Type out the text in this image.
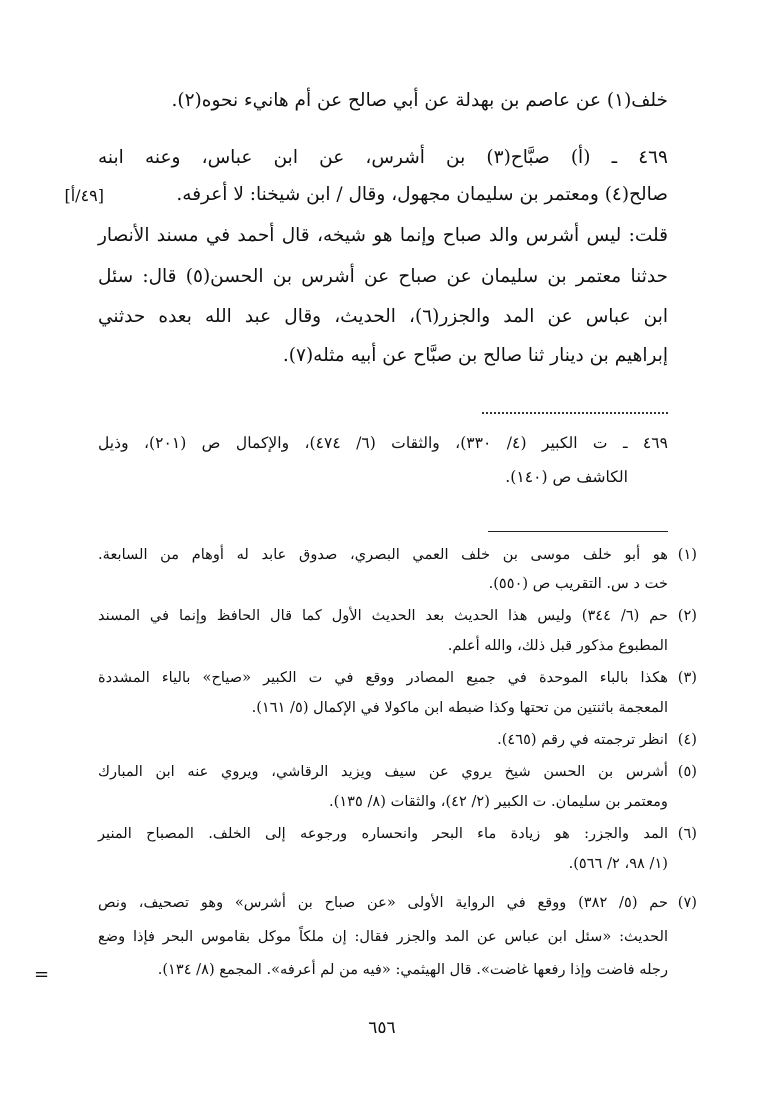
خلف(١) عن عاصم بن بهدلة عن أبي صالح عن أم هانيء نحوه(٢).
٤٦٩ ـ (أ) صبَّاح(٣) بن أشرس، عن ابن عباس، وعنه ابنه
صالح(٤) ومعتمر بن سليمان مجهول، وقال / ابن شيخنا: لا أعرفه.
[٤٩/أ]
قلت: ليس أشرس والد صباح وإنما هو شيخه، قال أحمد في مسند الأنصار
حدثنا معتمر بن سليمان عن صباح عن أشرس بن الحسن(٥) قال: سئل
ابن عباس عن المد والجزر(٦)، الحديث، وقال عبد الله بعده حدثني
إبراهيم بن دينار ثنا صالح بن صبَّاح عن أبيه مثله(٧).
٤٦٩ ـ ت الكبير (٤/ ٣٣٠)، والثقات (٦/ ٤٧٤)، والإكمال ص (٢٠١)، وذيل
الكاشف ص (١٤٠).
(١)
هو أبو خلف موسى بن خلف العمي البصري، صدوق عابد له أوهام من السابعة.
خت د س. التقريب ص (٥٥٠).
(٢)
حم (٦/ ٣٤٤) وليس هذا الحديث بعد الحديث الأول كما قال الحافظ وإنما في المسند
المطبوع مذكور قبل ذلك، والله أعلم.
(٣)
هكذا بالباء الموحدة في جميع المصادر ووقع في ت الكبير «صياح» بالياء المشددة
المعجمة باثنتين من تحتها وكذا ضبطه ابن ماكولا في الإكمال (٥/ ١٦١).
(٤)
انظر ترجمته في رقم (٤٦٥).
(٥)
أشرس بن الحسن شيخ يروي عن سيف ويزيد الرقاشي، ويروي عنه ابن المبارك
ومعتمر بن سليمان. ت الكبير (٢/ ٤٢)، والثقات (٨/ ١٣٥).
(٦)
المد والجزر: هو زيادة ماء البحر وانحساره ورجوعه إلى الخلف. المصباح المنير
(١/ ٩٨، ٢/ ٥٦٦).
(٧)
حم (٥/ ٣٨٢) ووقع في الرواية الأولى «عن صباح بن أشرس» وهو تصحيف، ونص
الحديث: «سئل ابن عباس عن المد والجزر فقال: إن ملكاً موكل بقاموس البحر فإذا وضع
رجله فاضت وإذا رفعها غاضت». قال الهيثمي: «فيه من لم أعرفه». المجمع (٨/ ١٣٤).
=
٦٥٦
